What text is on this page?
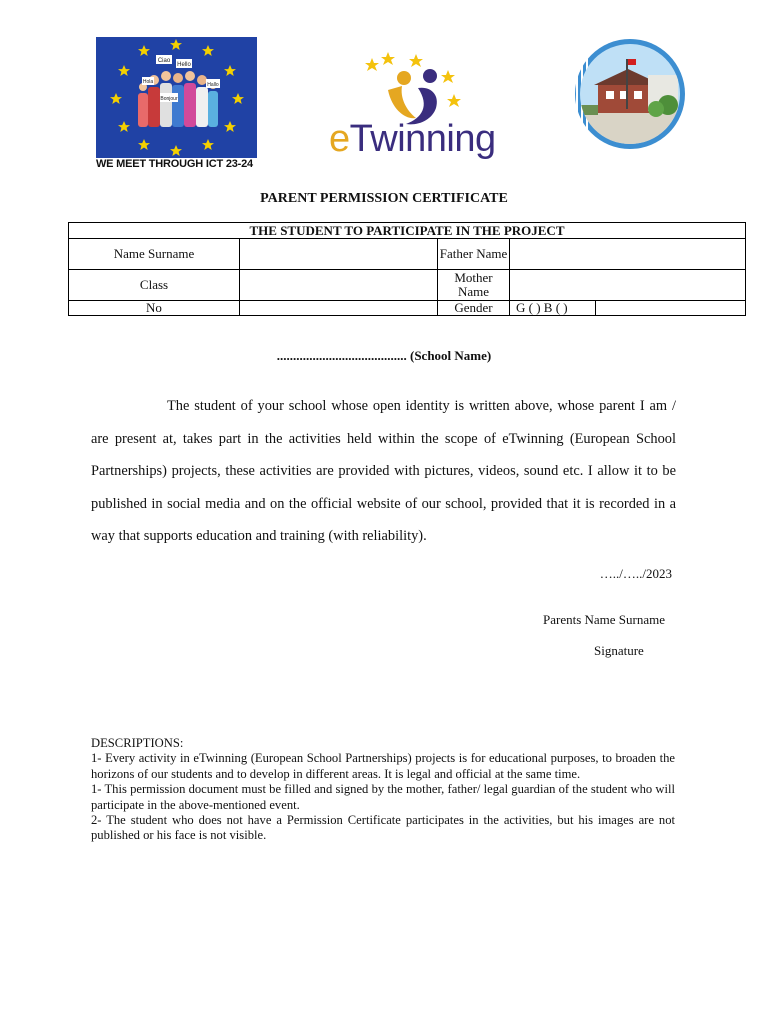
Ciao
Hello
Hola
Bonjour
Hallo
WE MEET THROUGH ICT 23-24
eTwinning
PARENT PERMISSION CERTIFICATE
THE STUDENT TO PARTICIPATE IN THE PROJECT			
Name Surname		Father Name	
Class		Mother Name	
No		Gender	G ( ) B ( )
........................................ (School Name)
The student of your school whose open identity is written above, whose parent I am / are present at, takes part in the activities held within the scope of eTwinning (European School Partnerships) projects, these activities are provided with pictures, videos, sound etc. I allow it to be published in social media and on the official website of our school, provided that it is recorded in a way that supports education and training (with reliability).
…../…../2023
Parents Name Surname
Signature

DESCRIPTIONS:

1- Every activity in eTwinning (European School Partnerships) projects is for educational purposes, to broaden the horizons of our students and to develop in different areas. It is legal and official at the same time.

1- This permission document must be filled and signed by the mother, father/ legal guardian of the student who will participate in the above-mentioned event.

2- The student who does not have a Permission Certificate participates in the activities, but his images are not published or his face is not visible.
